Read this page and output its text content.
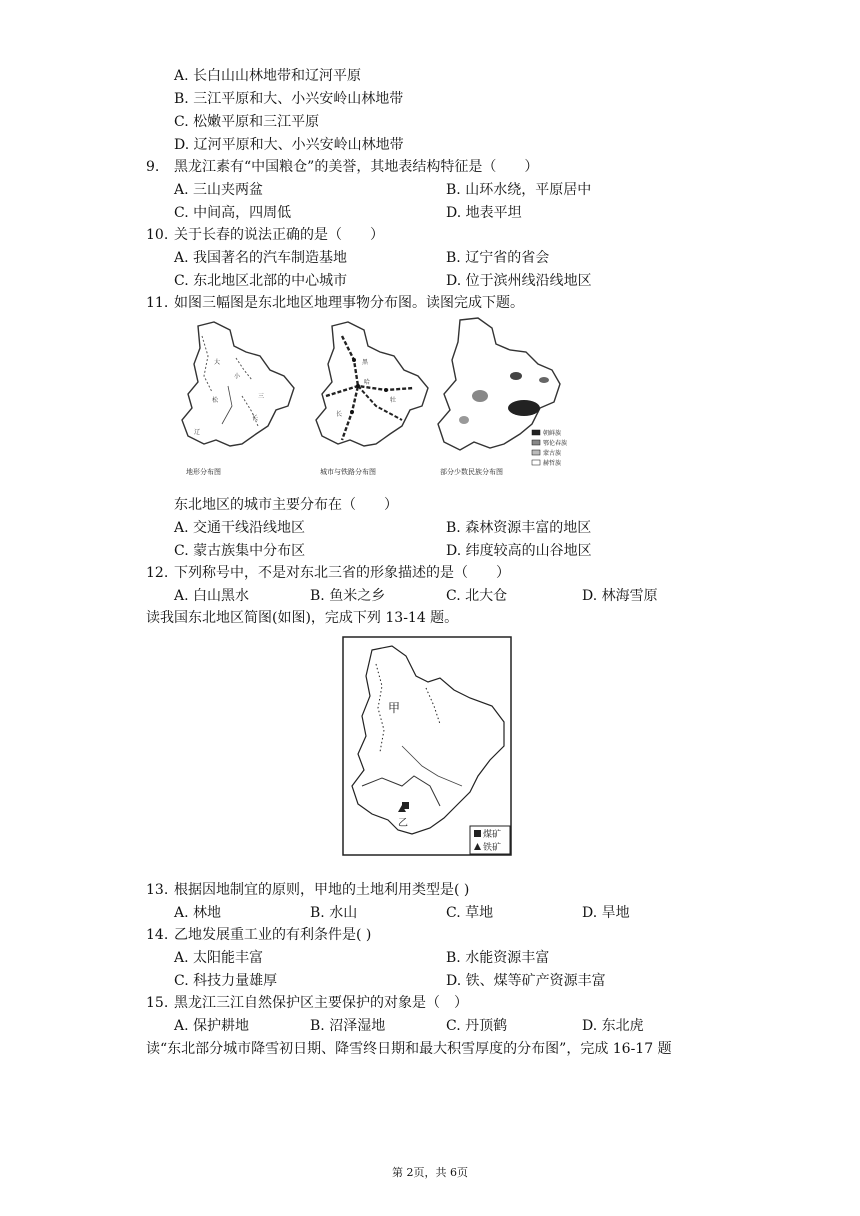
A. 长白山山林地带和辽河平原
B. 三江平原和大、小兴安岭山林地带
C. 松嫩平原和三江平原
D. 辽河平原和大、小兴安岭山林地带
9. 黑龙江素有“中国粮仓”的美誉，其地表结构特征是（　　）
A. 三山夹两盆	B. 山环水绕，平原居中
C. 中间高，四周低	D. 地表平坦
10. 关于长春的说法正确的是（　　）
A. 我国著名的汽车制造基地	B. 辽宁省的省会
C. 东北地区北部的中心城市	D. 位于滨州线沿线地区
11. 如图三幅图是东北地区地理事物分布图。读图完成下题。
大
小
松
三
长
辽
地形分布图
黑
哈
长
牡
城市与铁路分布图
朝鲜族
鄂伦春族
蒙古族
赫哲族
部分少数民族分布图
东北地区的城市主要分布在（　　）
A. 交通干线沿线地区	B. 森林资源丰富的地区
C. 蒙古族集中分布区	D. 纬度较高的山谷地区
12. 下列称号中，不是对东北三省的形象描述的是（　　）
A. 白山黑水	B. 鱼米之乡	C. 北大仓	D. 林海雪原
读我国东北地区简图(如图)，完成下列 13-14 题。
甲
乙
煤矿
铁矿
13. 根据因地制宜的原则，甲地的土地利用类型是( )
A. 林地	B. 水山	C. 草地	D. 旱地
14. 乙地发展重工业的有利条件是( )
A. 太阳能丰富	B. 水能资源丰富
C. 科技力量雄厚	D. 铁、煤等矿产资源丰富
15. 黑龙江三江自然保护区主要保护的对象是（　）
A. 保护耕地	B. 沼泽湿地	C. 丹顶鹤	D. 东北虎
读“东北部分城市降雪初日期、降雪终日期和最大积雪厚度的分布图”，完成 16-17 题
第 2页，共 6页
